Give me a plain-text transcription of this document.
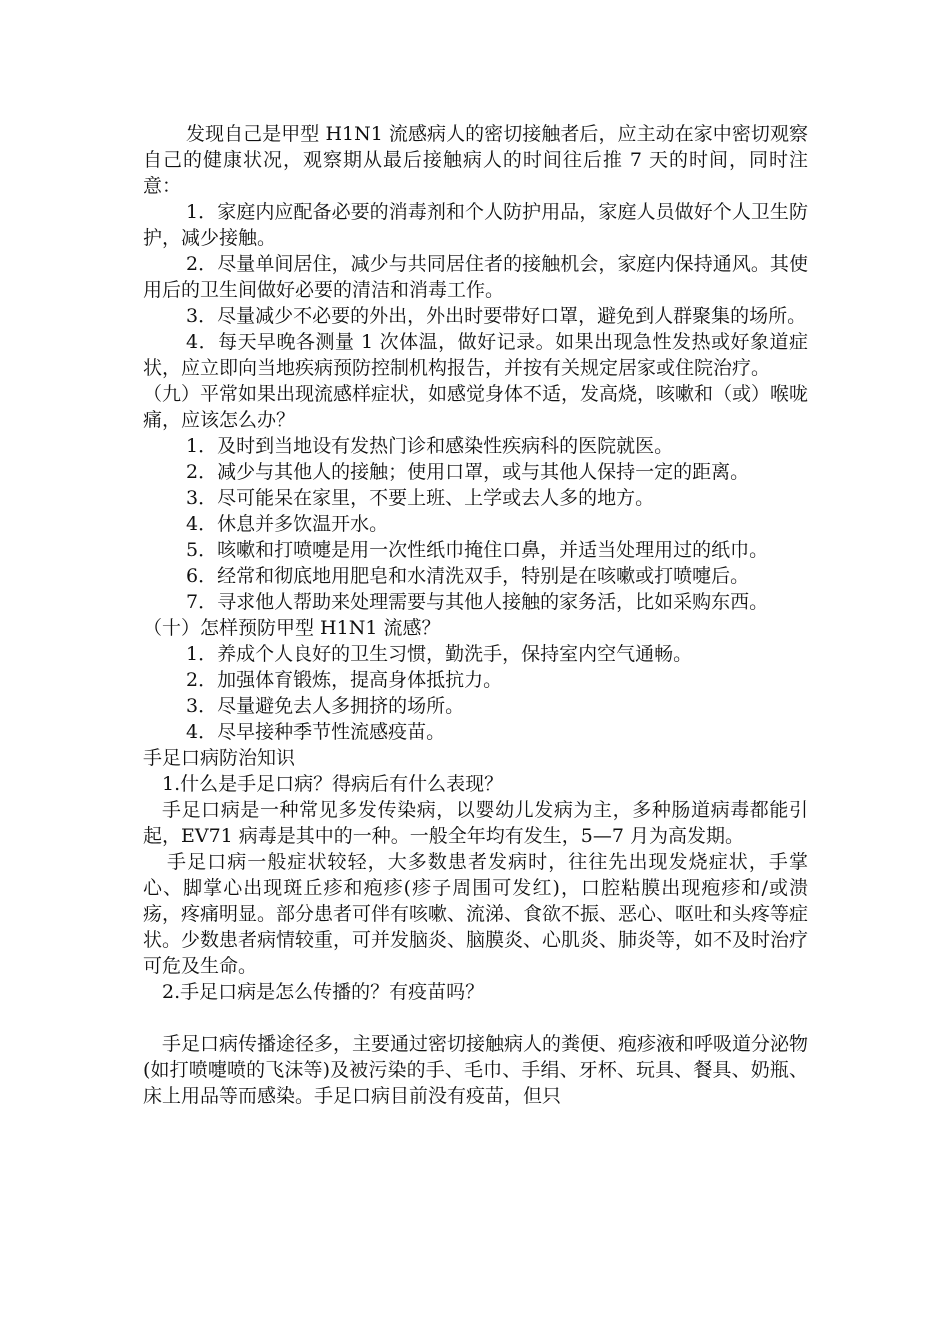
发现自己是甲型 H1N1 流感病人的密切接触者后，应主动在家中密切观察自己的健康状况，观察期从最后接触病人的时间往后推 7 天的时间，同时注意：

1．家庭内应配备必要的消毒剂和个人防护用品，家庭人员做好个人卫生防护，减少接触。

2．尽量单间居住，减少与共同居住者的接触机会，家庭内保持通风。其使用后的卫生间做好必要的清洁和消毒工作。

3．尽量减少不必要的外出，外出时要带好口罩，避免到人群聚集的场所。

4．每天早晚各测量 1 次体温，做好记录。如果出现急性发热或好象道症状，应立即向当地疾病预防控制机构报告，并按有关规定居家或住院治疗。

（九）平常如果出现流感样症状，如感觉身体不适，发高烧，咳嗽和（或）喉咙痛，应该怎么办？

1．及时到当地设有发热门诊和感染性疾病科的医院就医。

2．减少与其他人的接触；使用口罩，或与其他人保持一定的距离。

3．尽可能呆在家里，不要上班、上学或去人多的地方。

4．休息并多饮温开水。

5．咳嗽和打喷嚏是用一次性纸巾掩住口鼻，并适当处理用过的纸巾。

6．经常和彻底地用肥皂和水清洗双手，特别是在咳嗽或打喷嚏后。

7．寻求他人帮助来处理需要与其他人接触的家务活，比如采购东西。

（十）怎样预防甲型 H1N1 流感？

1．养成个人良好的卫生习惯，勤洗手，保持室内空气通畅。

2．加强体育锻炼，提高身体抵抗力。

3．尽量避免去人多拥挤的场所。

4．尽早接种季节性流感疫苗。

手足口病防治知识

1.什么是手足口病？得病后有什么表现？

手足口病是一种常见多发传染病，以婴幼儿发病为主，多种肠道病毒都能引起，EV71 病毒是其中的一种。一般全年均有发生，5—7 月为高发期。

手足口病一般症状较轻，大多数患者发病时，往往先出现发烧症状，手掌心、脚掌心出现斑丘疹和疱疹(疹子周围可发红)，口腔粘膜出现疱疹和/或溃疡，疼痛明显。部分患者可伴有咳嗽、流涕、食欲不振、恶心、呕吐和头疼等症状。少数患者病情较重，可并发脑炎、脑膜炎、心肌炎、肺炎等，如不及时治疗可危及生命。

2.手足口病是怎么传播的？有疫苗吗？

手足口病传播途径多，主要通过密切接触病人的粪便、疱疹液和呼吸道分泌物(如打喷嚏喷的飞沫等)及被污染的手、毛巾、手绢、牙杯、玩具、餐具、奶瓶、床上用品等而感染。手足口病目前没有疫苗，但只
